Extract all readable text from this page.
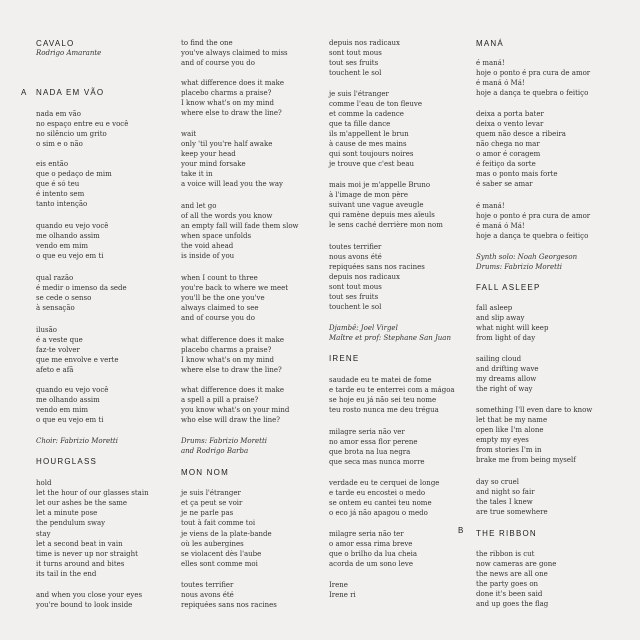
CAVALO
Rodrigo Amarante
NADA EM VÃO
nada em vão
no espaço entre eu e você
no silêncio um grito
o sim e o não
eis então
que o pedaço de mim
que é só teu
é intento sem
tanto intenção
quando eu vejo você
me olhando assim
vendo em mim
o que eu vejo em ti
qual razão
é medir o imenso da sede
se cede o senso
à sensação
ilusão
é a veste que
faz-te volver
que me envolve e verte
afeto e afã
quando eu vejo você
me olhando assim
vendo em mim
o que eu vejo em ti
Choir: Fabrizio Moretti
HOURGLASS
hold
let the hour of our glasses stain
let our ashes be the same
let a minute pose
the pendulum sway
stay
let a second beat in vain
time is never up nor straight
it turns around and bites
its tail in the end
and when you close your eyes
you're bound to look inside
to find the one
you've always claimed to miss
and of course you do
what difference does it make
placebo charms a praise?
I know what's on my mind
where else to draw the line?
wait
only 'til you're half awake
keep your head
your mind forsake
take it in
a voice will lead you the way
and let go
of all the words you know
an empty fall will fade them slow
when space unfolds
the void ahead
is inside of you
when I count to three
you're back to where we meet
you'll be the one you've
always claimed to see
and of course you do
what difference does it make
placebo charms a praise?
I know what's on my mind
where else to draw the line?
what difference does it make
a spell a pill a praise?
you know what's on your mind
who else will draw the line?
Drums: Fabrizio Moretti
and Rodrigo Barba
MON NOM
je suis l'étranger
et ça peut se voir
je ne parle pas
tout à fait comme toi
je viens de la plate-bande
où les aubergines
se violacent dès l'aube
elles sont comme moi
toutes terrifier
nous avons été
repiquées sans nos racines
depuis nos radicaux
sont tout mous
tout ses fruits
touchent le sol
je suis l'étranger
comme l'eau de ton fleuve
et comme la cadence
que ta fille dance
ils m'appellent le brun
à cause de mes mains
qui sont toujours noires
je trouve que c'est beau
mais moi je m'appelle Bruno
à l'image de mon père
suivant une vague aveugle
qui ramène depuis mes aïeuls
le sens caché derrière mon nom
toutes terrifier
nous avons été
repiquées sans nos racines
depuis nos radicaux
sont tout mous
tout ses fruits
touchent le sol
Djambê: Joel Virgel
Maître et prof: Stephane San Juan
IRENE
saudade eu te matei de fome
e tarde eu te enterrei com a mágoa
se hoje eu já não sei teu nome
teu rosto nunca me deu trégua
milagre seria não ver
no amor essa flor perene
que brota na lua negra
que seca mas nunca morre
verdade eu te cerquei de longe
e tarde eu encostei o medo
se ontem eu cantei teu nome
o eco já não apagou o medo
milagre seria não ter
o amor essa rima breve
que o brilho da lua cheia
acorda de um sono leve
Irene
Irene ri
MANÁ
é maná!
hoje o ponto é pra cura de amor
é maná ó Má!
hoje a dança te quebra o feitiço
deixa a porta bater
deixa o vento levar
quem não desce a ribeira
não chega no mar
o amor é coragem
é feitiço da sorte
mas o ponto mais forte
é saber se amar
é maná!
hoje o ponto é pra cura de amor
é maná ó Má!
hoje a dança te quebra o feitiço
Synth solo: Noah Georgeson
Drums: Fabrizio Moretti
FALL ASLEEP
fall asleep
and slip away
what night will keep
from light of day
sailing cloud
and drifting wave
my dreams allow
the right of way
something I'll even dare to know
let that be my name
open like I'm alone
empty my eyes
from stories I'm in
brake me from being myself
day so cruel
and night so fair
the tales I knew
are true somewhere
THE RIBBON
the ribbon is cut
now cameras are gone
the news are all one
the party goes on
done it's been said
and up goes the flag
A
B
